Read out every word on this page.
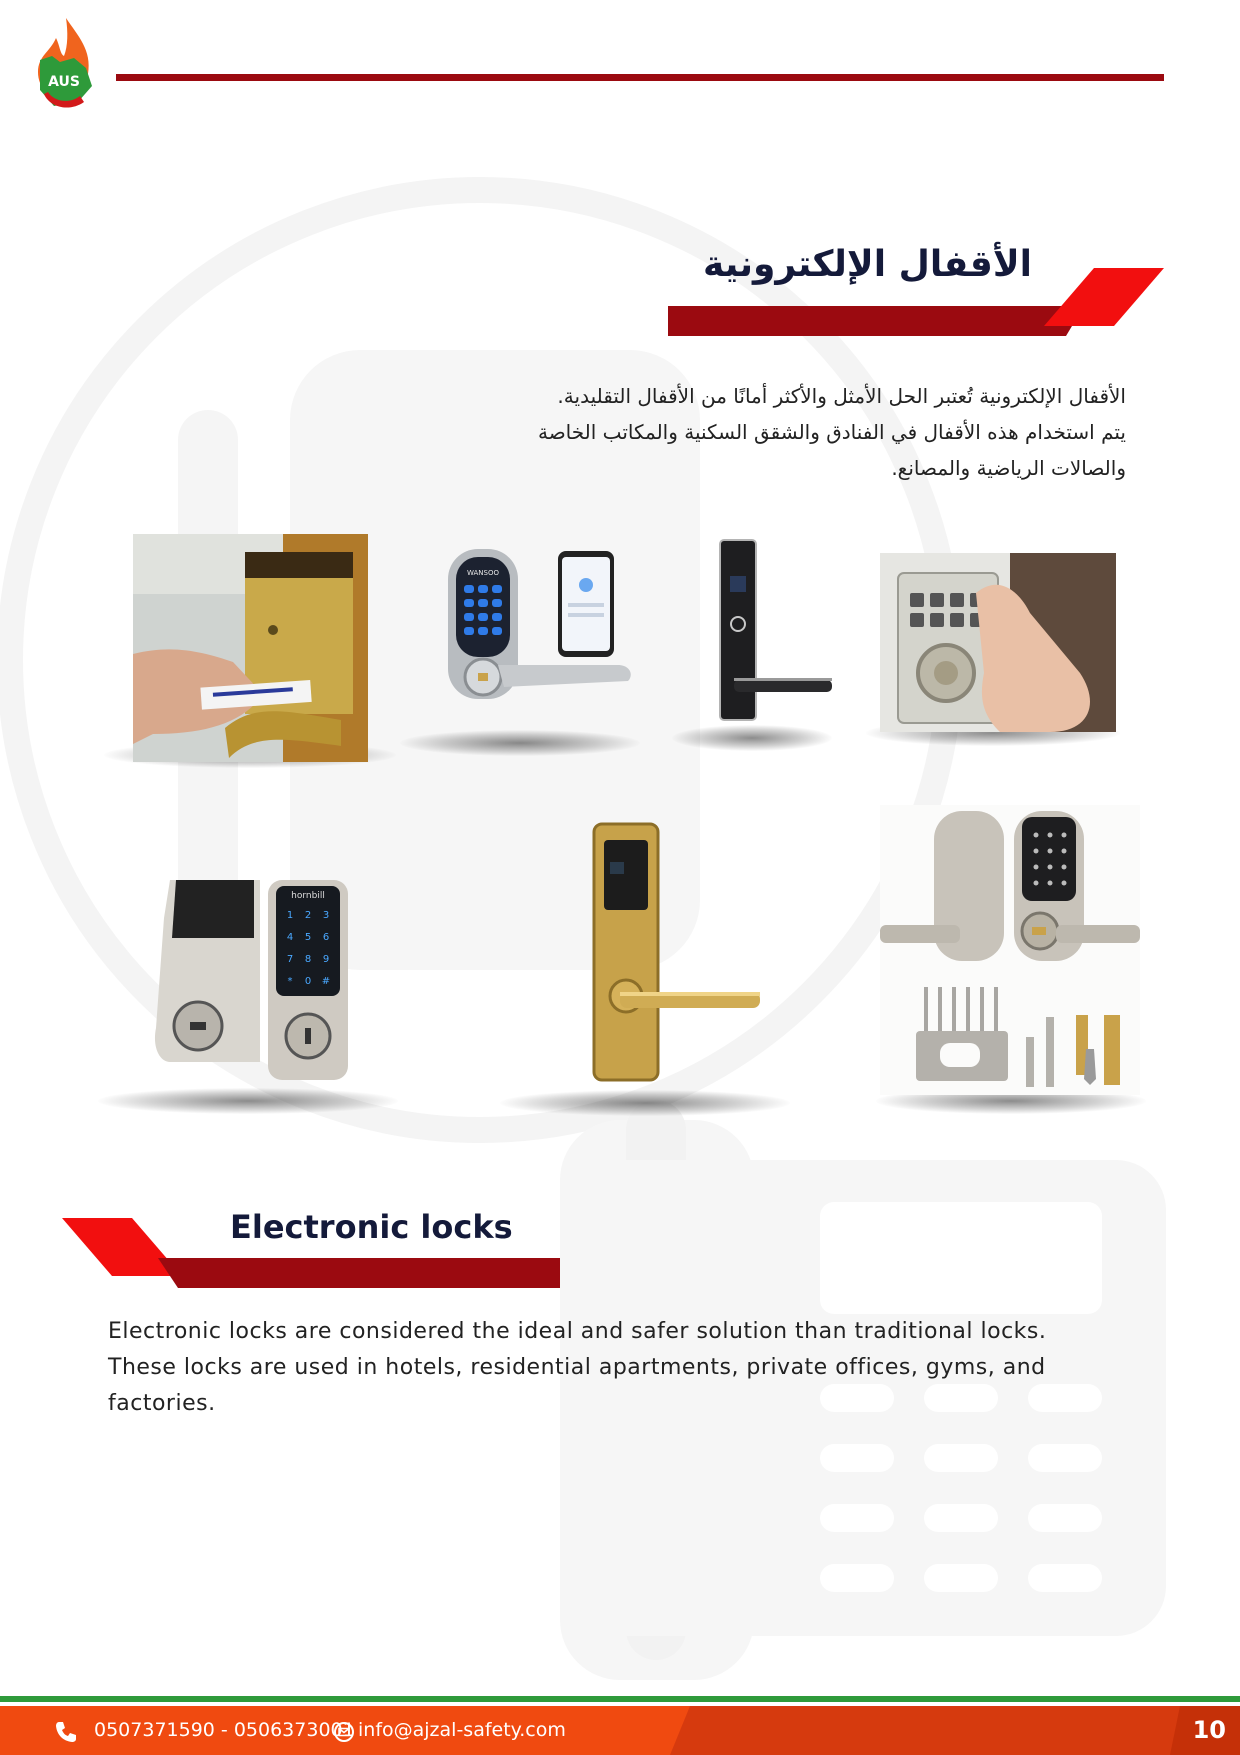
AUS
الأقفال الإلكترونية
الأقفال الإلكترونية تُعتبر الحل الأمثل والأكثر أمانًا من الأقفال التقليدية.
يتم استخدام هذه الأقفال في الفنادق والشقق السكنية والمكاتب الخاصة
والصالات الرياضية والمصانع.
WANSOO
hornbill
1 2 3
4 5 6
7 8 9
* 0 #
Electronic locks
Electronic locks are considered the ideal and safer solution than traditional locks.
These locks are used in hotels, residential apartments, private offices, gyms, and
factories.
0507371590 - 0506373001 info@ajzal-safety.com	10
